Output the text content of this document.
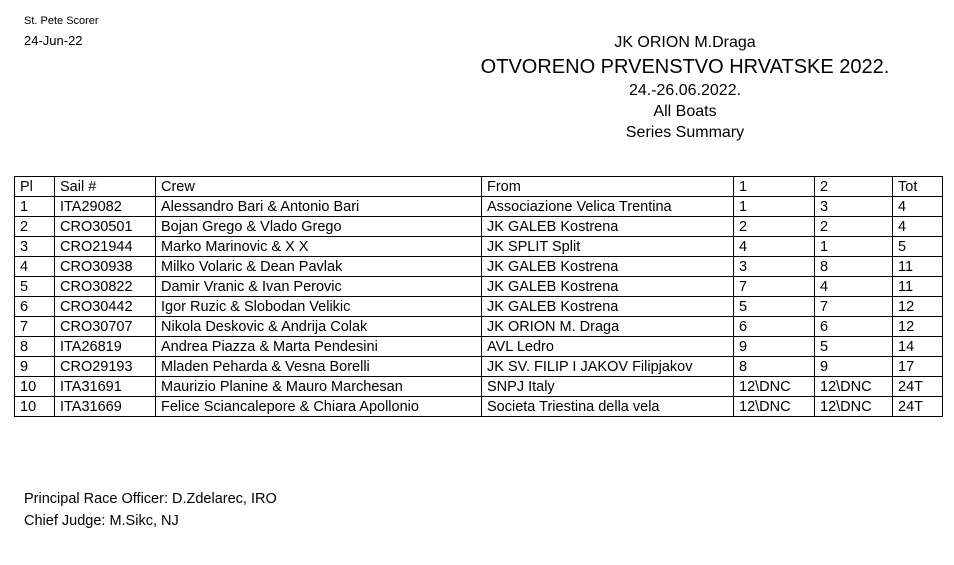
St. Pete Scorer
24-Jun-22	JK ORION M.Draga
OTVORENO PRVENSTVO HRVATSKE 2022.
24.-26.06.2022.
All Boats
Series Summary
Pl	Sail #	Crew	From	1	2	Tot
1	ITA29082	Alessandro Bari & Antonio Bari	Associazione Velica Trentina	1	3	4
2	CRO30501	Bojan Grego & Vlado Grego	JK GALEB Kostrena	2	2	4
3	CRO21944	Marko Marinovic & X X	JK SPLIT Split	4	1	5
4	CRO30938	Milko Volaric & Dean Pavlak	JK GALEB Kostrena	3	8	11
5	CRO30822	Damir Vranic & Ivan Perovic	JK GALEB Kostrena	7	4	11
6	CRO30442	Igor Ruzic & Slobodan Velikic	JK GALEB Kostrena	5	7	12
7	CRO30707	Nikola Deskovic & Andrija Colak	JK ORION M. Draga	6	6	12
8	ITA26819	Andrea Piazza & Marta Pendesini	AVL Ledro	9	5	14
9	CRO29193	Mladen Peharda & Vesna Borelli	JK SV. FILIP I JAKOV Filipjakov	8	9	17
10	ITA31691	Maurizio Planine & Mauro Marchesan	SNPJ Italy	12\DNC	12\DNC	24T
10	ITA31669	Felice Sciancalepore & Chiara Apollonio	Societa Triestina della vela	12\DNC	12\DNC	24T
Principal Race Officer: D.Zdelarec, IRO
Chief Judge: M.Sikc, NJ
